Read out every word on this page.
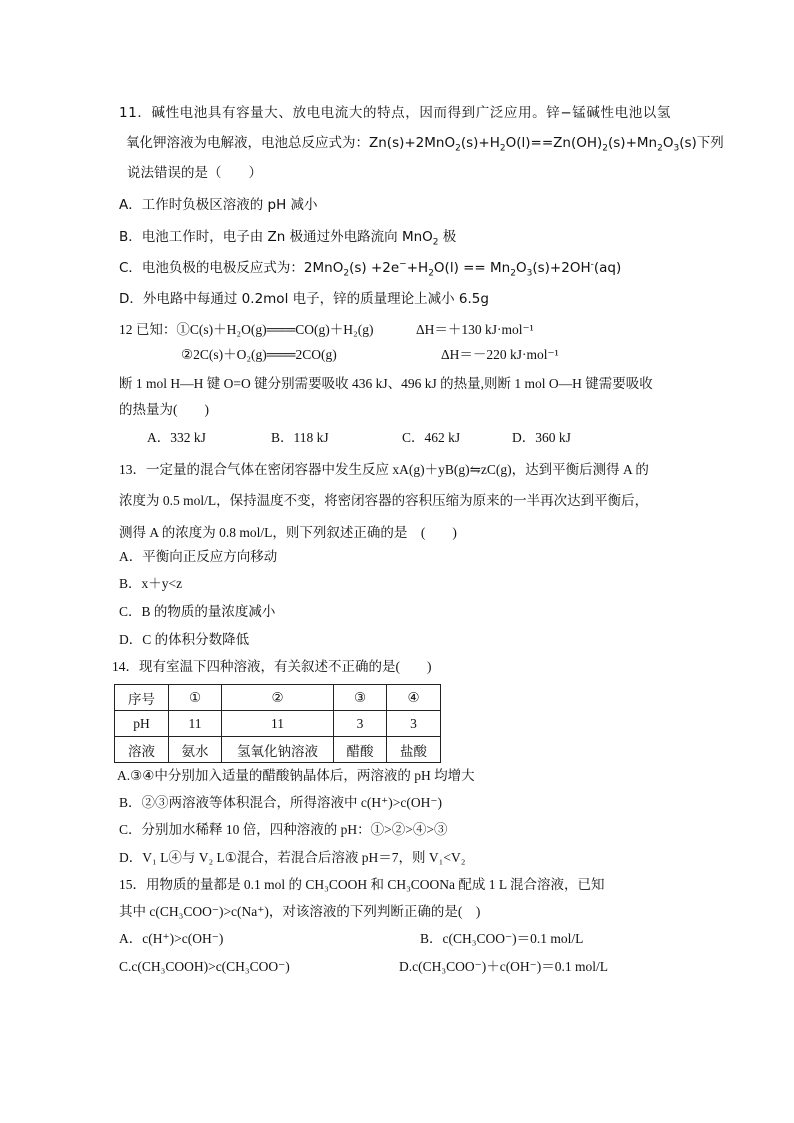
11．碱性电池具有容量大、放电电流大的特点，因而得到广泛应用。锌−锰碱性电池以氢
氧化钾溶液为电解液，电池总反应式为：$Zn(s)+2MnO_2(s)+H_2O(l)==Zn(OH)_2(s)+Mn_2O_3(s)$下列
说法错误的是（　　）
A．工作时负极区溶液的 pH 减小
B．电池工作时，电子由 Zn 极通过外电路流向 MnO$_2$ 极
C．电池负极的电极反应式为：$2MnO_2(s) +2e^-+H_2O(l) == Mn_2O_3(s)+2OH^-(aq)$
D．外电路中每通过 0.2mol 电子，锌的质量理论上减小 6.5g
12 已知：①C(s)＋H₂O(g)═══CO(g)＋H₂(g)	ΔH＝＋130 kJ·mol⁻¹
②2C(s)＋O₂(g)═══2CO(g)	ΔH＝－220 kJ·mol⁻¹
断 1 mol H—H 键 O=O 键分别需要吸收 436 kJ、496 kJ 的热量,则断 1 mol O—H 键需要吸收
的热量为(　　)
A．332 kJ	B．118 kJ	C．462 kJ	D．360 kJ
13．一定量的混合气体在密闭容器中发生反应 xA(g)＋yB(g)⇋zC(g)，达到平衡后测得 A 的
浓度为 0.5 mol/L，保持温度不变，将密闭容器的容积压缩为原来的一半再次达到平衡后，
测得 A 的浓度为 0.8 mol/L，则下列叙述正确的是　(　　)
A．平衡向正反应方向移动
B．x＋y<z
C．B 的物质的量浓度减小
D．C 的体积分数降低
14．现有室温下四种溶液，有关叙述不正确的是(　　)
序号	①	②	③	④
pH	11	11	3	3
溶液	氨水	氢氧化钠溶液	醋酸	盐酸
A.③④中分别加入适量的醋酸钠晶体后，两溶液的 pH 均增大
B．②③两溶液等体积混合，所得溶液中 c(H⁺)>c(OH⁻)
C．分别加水稀释 10 倍，四种溶液的 pH：①>②>④>③
D．V₁ L④与 V₂ L①混合，若混合后溶液 pH＝7，则 V₁<V₂
15．用物质的量都是 0.1 mol 的 CH₃COOH 和 CH₃COONa 配成 1 L 混合溶液，已知
其中 c(CH₃COO⁻)>c(Na⁺)，对该溶液的下列判断正确的是(　)
A．c(H⁺)>c(OH⁻)	B．c(CH₃COO⁻)＝0.1 mol/L
C.c(CH₃COOH)>c(CH₃COO⁻)	D.c(CH₃COO⁻)＋c(OH⁻)＝0.1 mol/L
